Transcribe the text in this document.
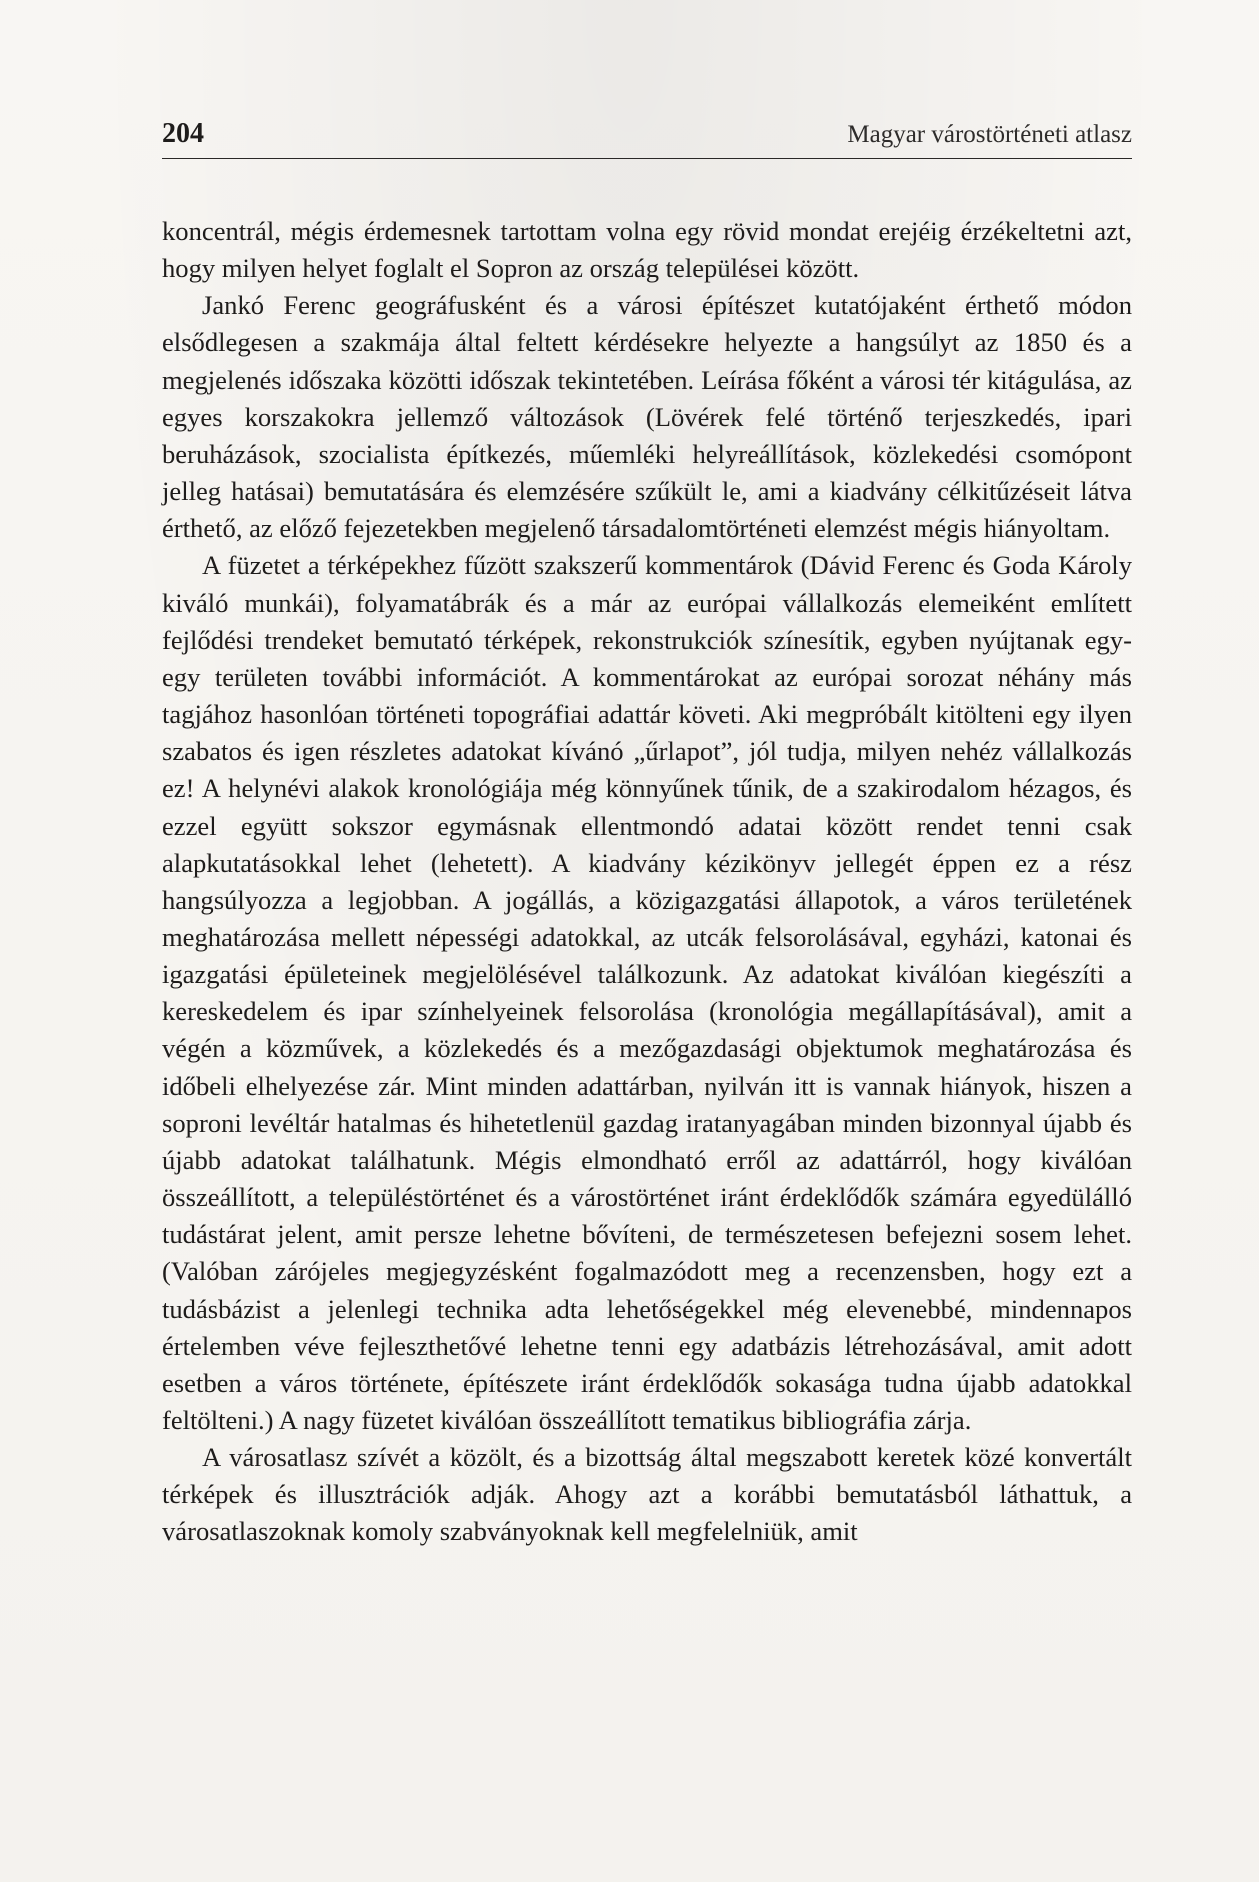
204	Magyar várostörténeti atlasz

koncentrál, mégis érdemesnek tartottam volna egy rövid mondat erejéig érzékeltetni azt, hogy milyen helyet foglalt el Sopron az ország települései között.

Jankó Ferenc geográfusként és a városi építészet kutatójaként érthető módon elsődlegesen a szakmája által feltett kérdésekre helyezte a hangsúlyt az 1850 és a megjelenés időszaka közötti időszak tekintetében. Leírása főként a városi tér kitágulása, az egyes korszakokra jellemző változások (Lövérek felé történő terjeszkedés, ipari beruházások, szocialista építkezés, műemléki helyreállítások, közlekedési csomópont jelleg hatásai) bemutatására és elemzésére szűkült le, ami a kiadvány célkitűzéseit látva érthető, az előző fejezetekben megjelenő társadalomtörténeti elemzést mégis hiányoltam.

A füzetet a térképekhez fűzött szakszerű kommentárok (Dávid Ferenc és Goda Károly kiváló munkái), folyamatábrák és a már az európai vállalkozás elemeiként említett fejlődési trendeket bemutató térképek, rekonstrukciók színesítik, egyben nyújtanak egy-egy területen további információt. A kommentárokat az európai sorozat néhány más tagjához hasonlóan történeti topográfiai adattár követi. Aki megpróbált kitölteni egy ilyen szabatos és igen részletes adatokat kívánó „űrlapot”, jól tudja, milyen nehéz vállalkozás ez! A helynévi alakok kronológiája még könnyűnek tűnik, de a szakirodalom hézagos, és ezzel együtt sokszor egymásnak ellentmondó adatai között rendet tenni csak alapkutatásokkal lehet (lehetett). A kiadvány kézikönyv jellegét éppen ez a rész hangsúlyozza a legjobban. A jogállás, a közigazgatási állapotok, a város területének meghatározása mellett népességi adatokkal, az utcák felsorolásával, egyházi, katonai és igazgatási épületeinek megjelölésével találkozunk. Az adatokat kiválóan kiegészíti a kereskedelem és ipar színhelyeinek felsorolása (kronológia megállapításával), amit a végén a közművek, a közlekedés és a mezőgazdasági objektumok meghatározása és időbeli elhelyezése zár. Mint minden adattárban, nyilván itt is vannak hiányok, hiszen a soproni levéltár hatalmas és hihetetlenül gazdag iratanyagában minden bizonnyal újabb és újabb adatokat találhatunk. Mégis elmondható erről az adattárról, hogy kiválóan összeállított, a településtörténet és a várostörténet iránt érdeklődők számára egyedülálló tudástárat jelent, amit persze lehetne bővíteni, de természetesen befejezni sosem lehet. (Valóban zárójeles megjegyzésként fogalmazódott meg a recenzensben, hogy ezt a tudásbázist a jelenlegi technika adta lehetőségekkel még elevenebbé, mindennapos értelemben véve fejleszthetővé lehetne tenni egy adatbázis létrehozásával, amit adott esetben a város története, építészete iránt érdeklődők sokasága tudna újabb adatokkal feltölteni.) A nagy füzetet kiválóan összeállított tematikus bibliográfia zárja.

A városatlasz szívét a közölt, és a bizottság által megszabott keretek közé konvertált térképek és illusztrációk adják. Ahogy azt a korábbi bemutatásból láthattuk, a városatlaszoknak komoly szabványoknak kell megfelelniük, amit
